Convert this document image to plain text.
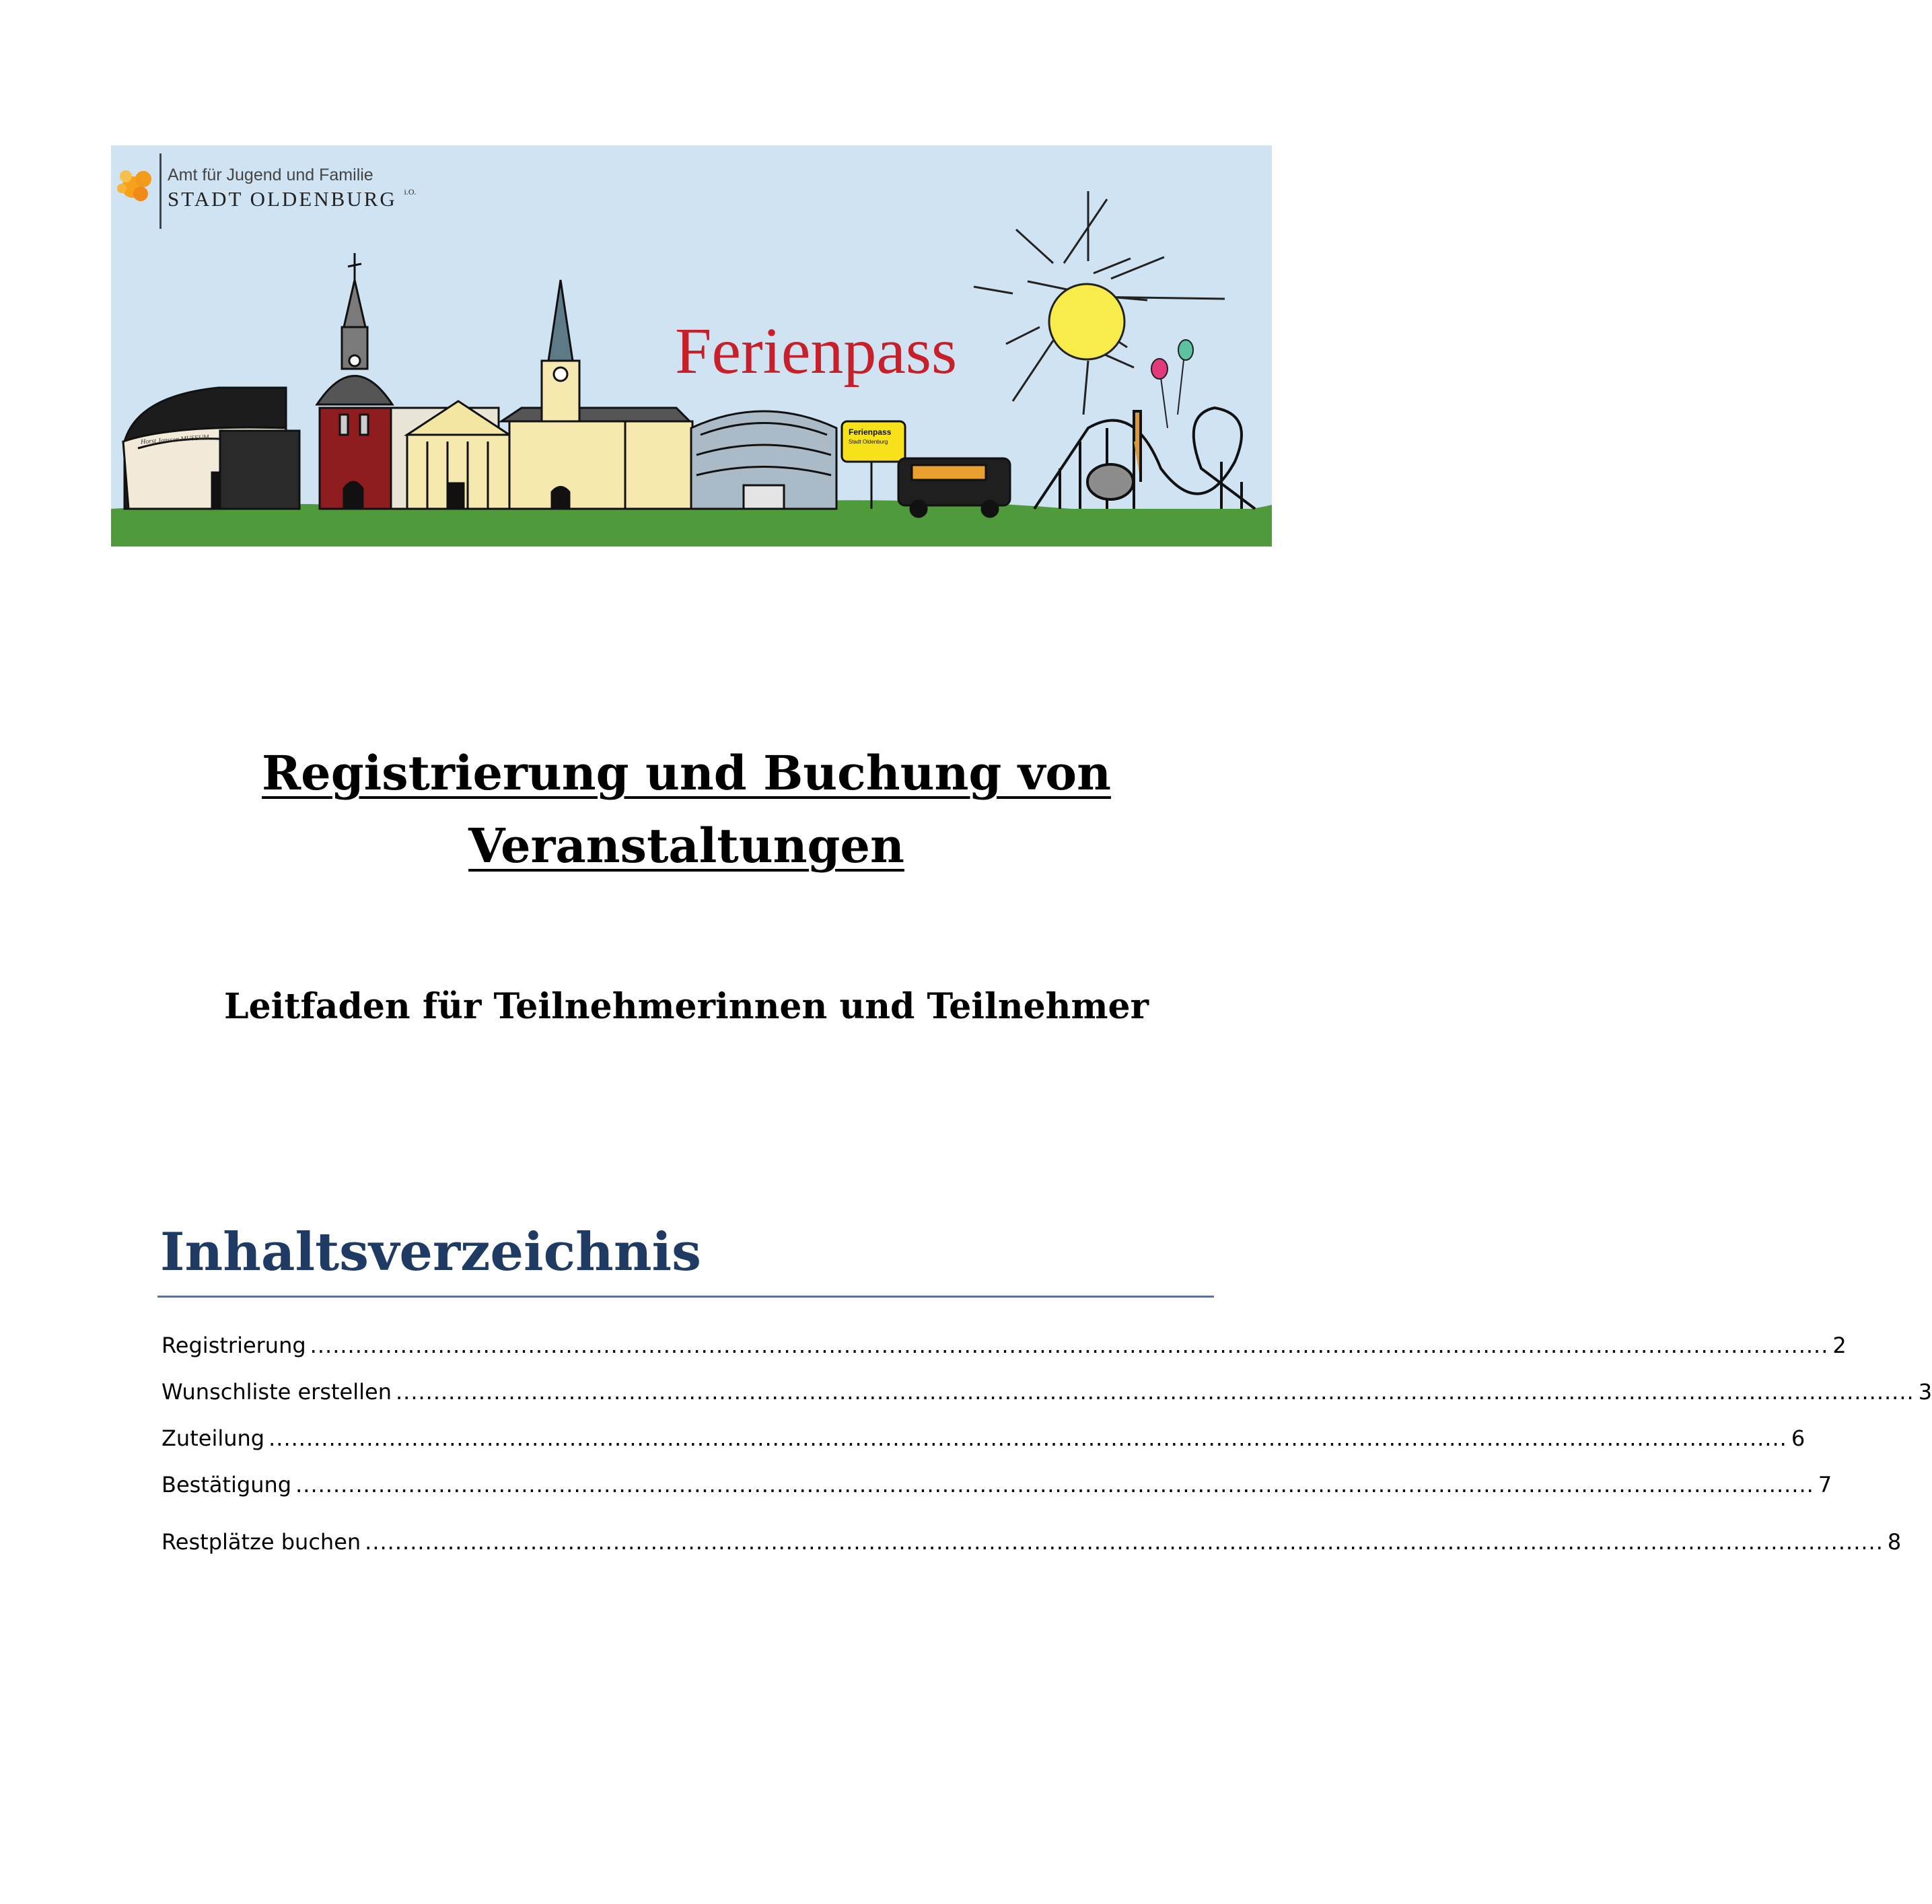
Amt für Jugend und Familie
STADT OLDENBURG $^{i.O.}$
Ferienpass
Ferienpass
Stadt Oldenburg
Horst Janssen MUSEUM
Registrierung und Buchung von Veranstaltungen
Leitfaden für Teilnehmerinnen und Teilnehmer
Inhaltsverzeichnis
Registrierung .......................................................................................................................................................................................................... 2
Wunschliste erstellen .......................................................................................................................................................................................................... 3
Zuteilung .......................................................................................................................................................................................................... 6
Bestätigung .......................................................................................................................................................................................................... 7
Restplätze buchen .......................................................................................................................................................................................................... 8
